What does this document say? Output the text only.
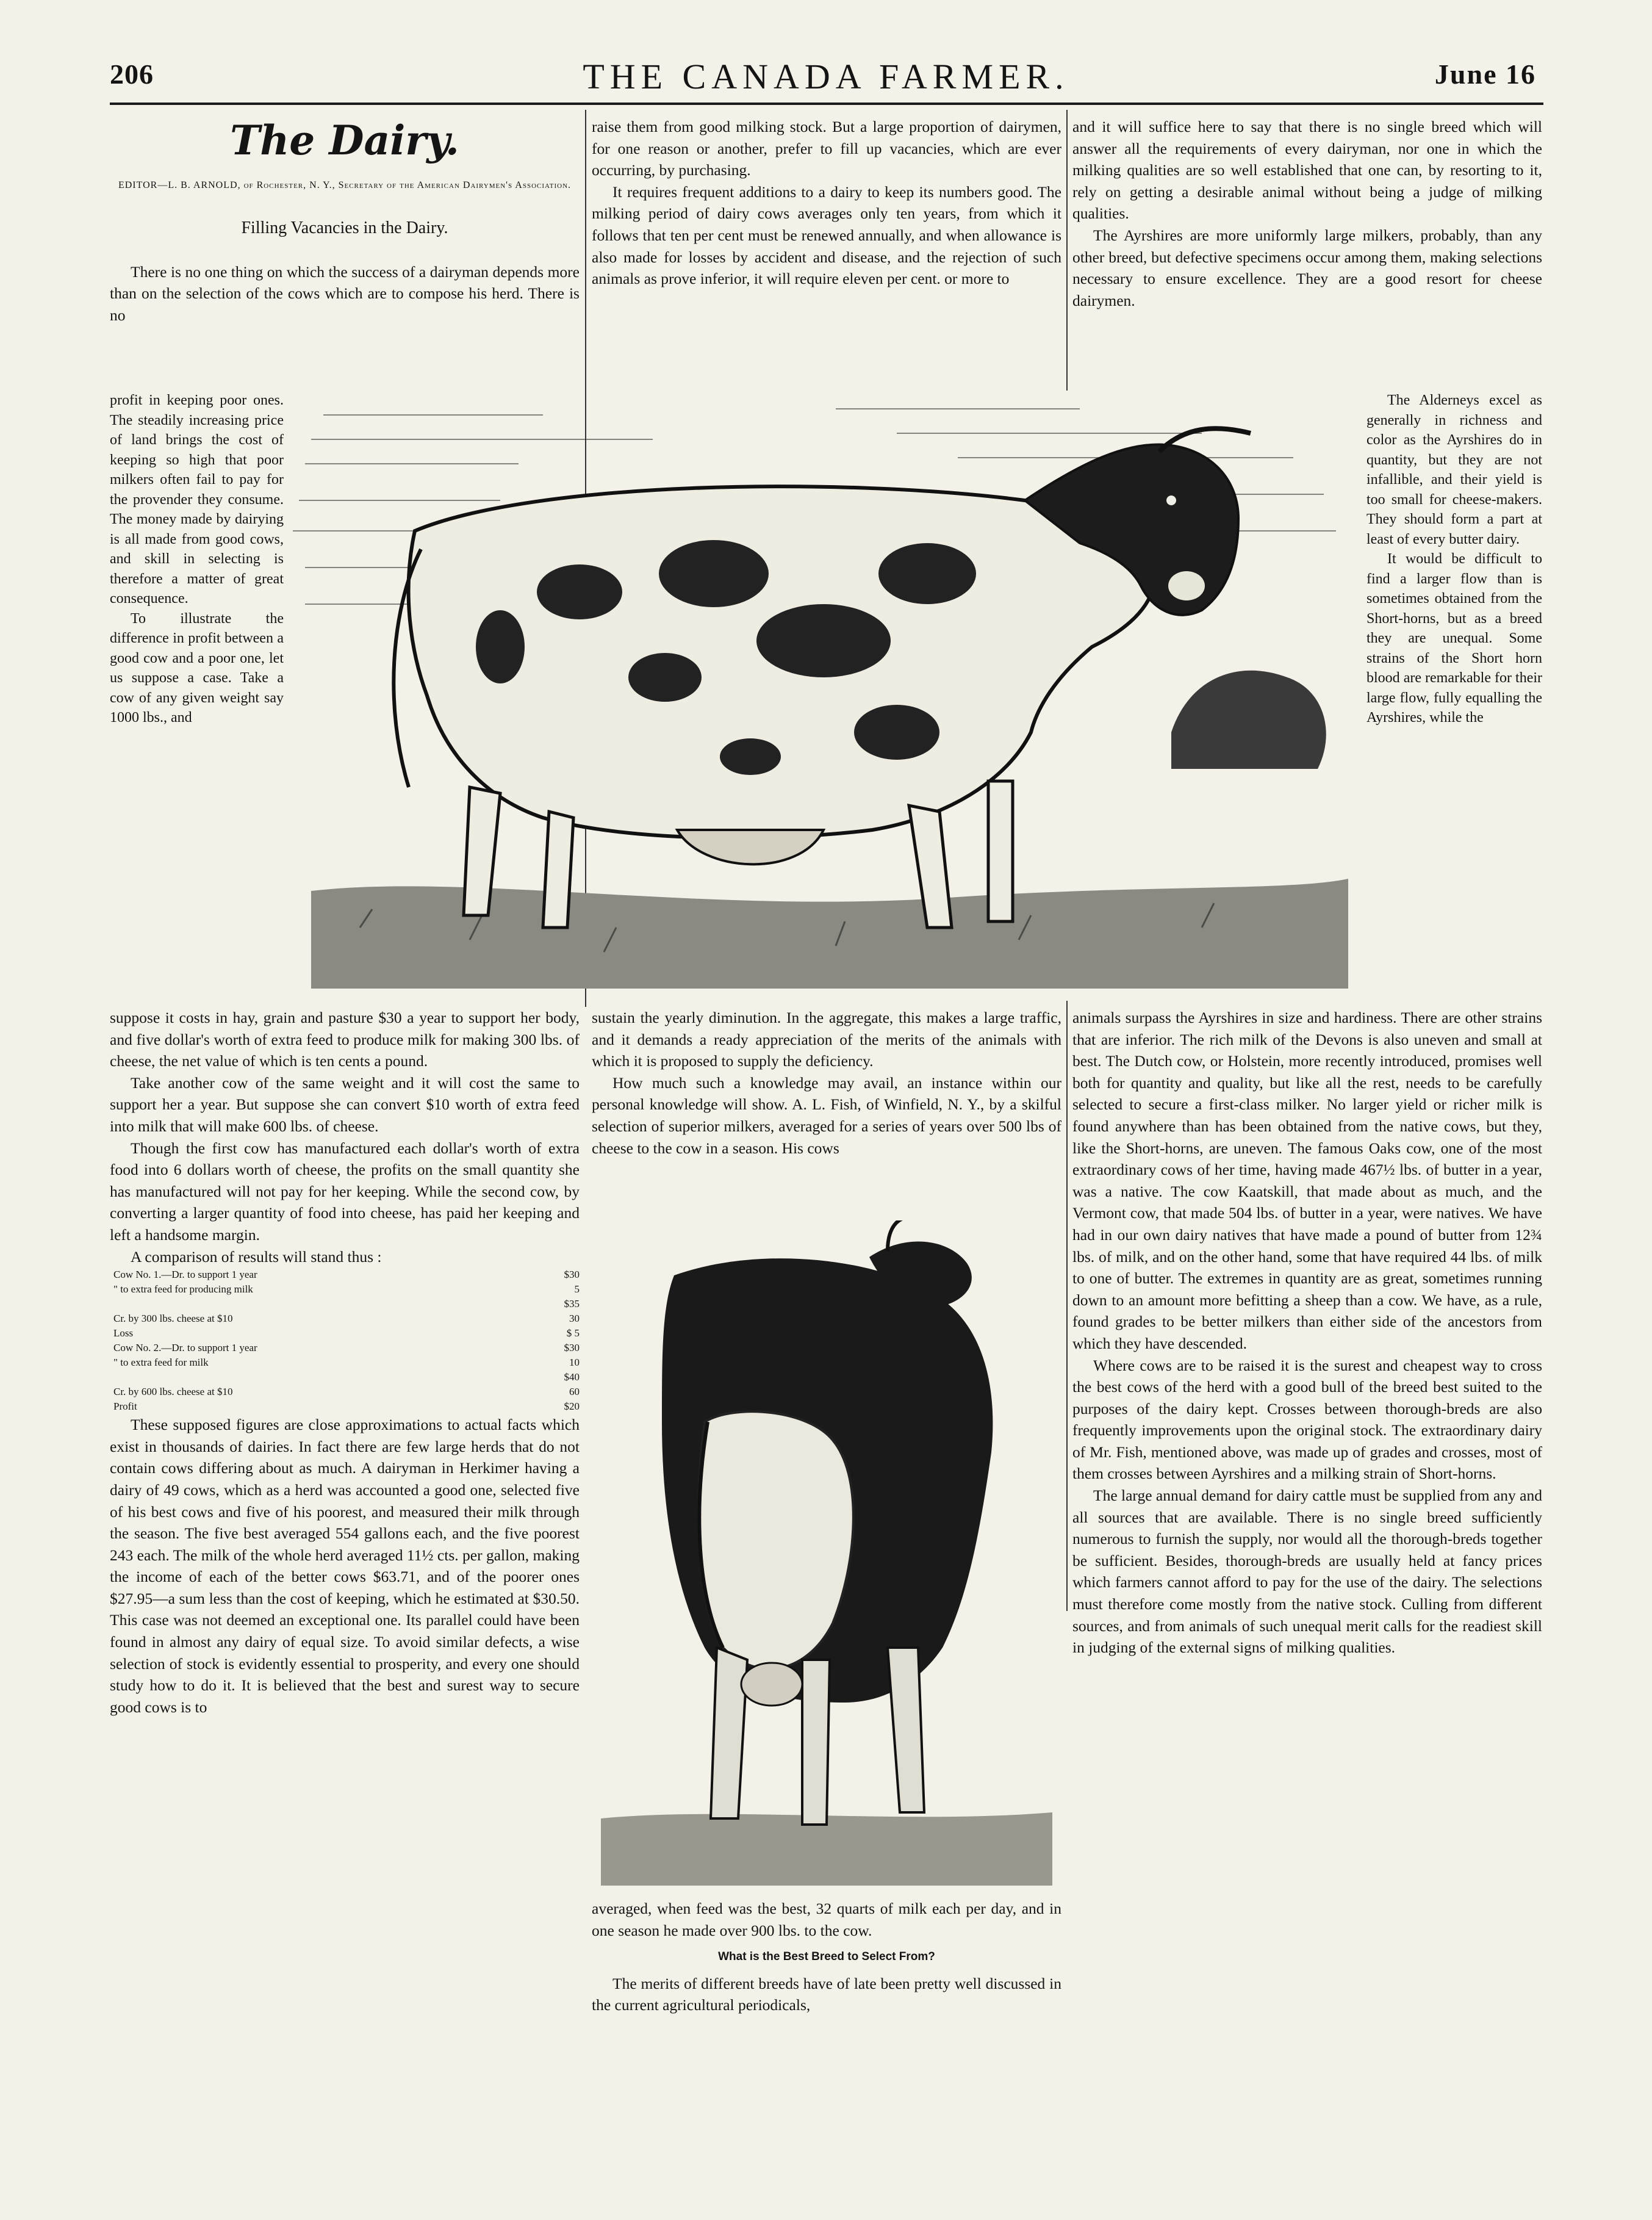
206	THE CANADA FARMER.	June 16
The Dairy.
EDITOR—L. B. ARNOLD, of Rochester, N. Y., Secretary of the American Dairymen's Association.
Filling Vacancies in the Dairy.

There is no one thing on which the success of a dairyman depends more than on the selection of the cows which are to compose his herd. There is no

profit in keeping poor ones. The steadily increasing price of land brings the cost of keeping so high that poor milkers often fail to pay for the provender they consume. The money made by dairying is all made from good cows, and skill in selecting is therefore a matter of great consequence.

To illustrate the difference in profit between a good cow and a poor one, let us suppose a case. Take a cow of any given weight say 1000 lbs., and

raise them from good milking stock. But a large proportion of dairymen, for one reason or another, prefer to fill up vacancies, which are ever occurring, by purchasing.

It requires frequent additions to a dairy to keep its numbers good. The milking period of dairy cows averages only ten years, from which it follows that ten per cent must be renewed annually, and when allowance is also made for losses by accident and disease, and the rejection of such animals as prove inferior, it will require eleven per cent. or more to

and it will suffice here to say that there is no single breed which will answer all the requirements of every dairyman, nor one in which the milking qualities are so well established that one can, by resorting to it, rely on getting a desirable animal without being a judge of milking qualities.

The Ayrshires are more uniformly large milkers, probably, than any other breed, but defective specimens occur among them, making selections necessary to ensure excellence. They are a good resort for cheese dairymen.

The Alderneys excel as generally in richness and color as the Ayrshires do in quantity, but they are not infallible, and their yield is too small for cheese-makers. They should form a part at least of every butter dairy.

It would be difficult to find a larger flow than is sometimes obtained from the Short-horns, but as a breed they are unequal. Some strains of the Short horn blood are remarkable for their large flow, fully equalling the Ayrshires, while the

suppose it costs in hay, grain and pasture $30 a year to support her body, and five dollar's worth of extra feed to produce milk for making 300 lbs. of cheese, the net value of which is ten cents a pound.

Take another cow of the same weight and it will cost the same to support her a year. But suppose she can convert $10 worth of extra feed into milk that will make 600 lbs. of cheese.

Though the first cow has manufactured each dollar's worth of extra food into 6 dollars worth of cheese, the profits on the small quantity she has manufactured will not pay for her keeping. While the second cow, by converting a larger quantity of food into cheese, has paid her keeping and left a handsome margin.

A comparison of results will stand thus :

Cow No. 1.—Dr. to support 1 year	$30
" to extra feed for producing milk	5
	$35
Cr. by 300 lbs. cheese at $10	30
Loss	$ 5
Cow No. 2.—Dr. to support 1 year	$30
" to extra feed for milk	10
	$40
Cr. by 600 lbs. cheese at $10	60
Profit	$20

These supposed figures are close approximations to actual facts which exist in thousands of dairies. In fact there are few large herds that do not contain cows differing about as much. A dairyman in Herkimer having a dairy of 49 cows, which as a herd was accounted a good one, selected five of his best cows and five of his poorest, and measured their milk through the season. The five best averaged 554 gallons each, and the five poorest 243 each. The milk of the whole herd averaged 11½ cts. per gallon, making the income of each of the better cows $63.71, and of the poorer ones $27.95—a sum less than the cost of keeping, which he estimated at $30.50. This case was not deemed an exceptional one. Its parallel could have been found in almost any dairy of equal size. To avoid similar defects, a wise selection of stock is evidently essential to prosperity, and every one should study how to do it. It is believed that the best and surest way to secure good cows is to

sustain the yearly diminution. In the aggregate, this makes a large traffic, and it demands a ready appreciation of the merits of the animals with which it is proposed to supply the deficiency.

How much such a knowledge may avail, an instance within our personal knowledge will show. A. L. Fish, of Winfield, N. Y., by a skilful selection of superior milkers, averaged for a series of years over 500 lbs of cheese to the cow in a season. His cows

averaged, when feed was the best, 32 quarts of milk each per day, and in one season he made over 900 lbs. to the cow.

What is the Best Breed to Select From?

The merits of different breeds have of late been pretty well discussed in the current agricultural periodicals,

animals surpass the Ayrshires in size and hardiness. There are other strains that are inferior. The rich milk of the Devons is also uneven and small at best. The Dutch cow, or Holstein, more recently introduced, promises well both for quantity and quality, but like all the rest, needs to be carefully selected to secure a first-class milker. No larger yield or richer milk is found anywhere than has been obtained from the native cows, but they, like the Short-horns, are uneven. The famous Oaks cow, one of the most extraordinary cows of her time, having made 467½ lbs. of butter in a year, was a native. The cow Kaatskill, that made about as much, and the Vermont cow, that made 504 lbs. of butter in a year, were natives. We have had in our own dairy natives that have made a pound of butter from 12¾ lbs. of milk, and on the other hand, some that have required 44 lbs. of milk to one of butter. The extremes in quantity are as great, sometimes running down to an amount more befitting a sheep than a cow. We have, as a rule, found grades to be better milkers than either side of the ancestors from which they have descended.

Where cows are to be raised it is the surest and cheapest way to cross the best cows of the herd with a good bull of the breed best suited to the purposes of the dairy kept. Crosses between thorough-breds are also frequently improvements upon the original stock. The extraordinary dairy of Mr. Fish, mentioned above, was made up of grades and crosses, most of them crosses between Ayrshires and a milking strain of Short-horns.

The large annual demand for dairy cattle must be supplied from any and all sources that are available. There is no single breed sufficiently numerous to furnish the supply, nor would all the thorough-breds together be sufficient. Besides, thorough-breds are usually held at fancy prices which farmers cannot afford to pay for the use of the dairy. The selections must therefore come mostly from the native stock. Culling from different sources, and from animals of such unequal merit calls for the readiest skill in judging of the external signs of milking qualities.
